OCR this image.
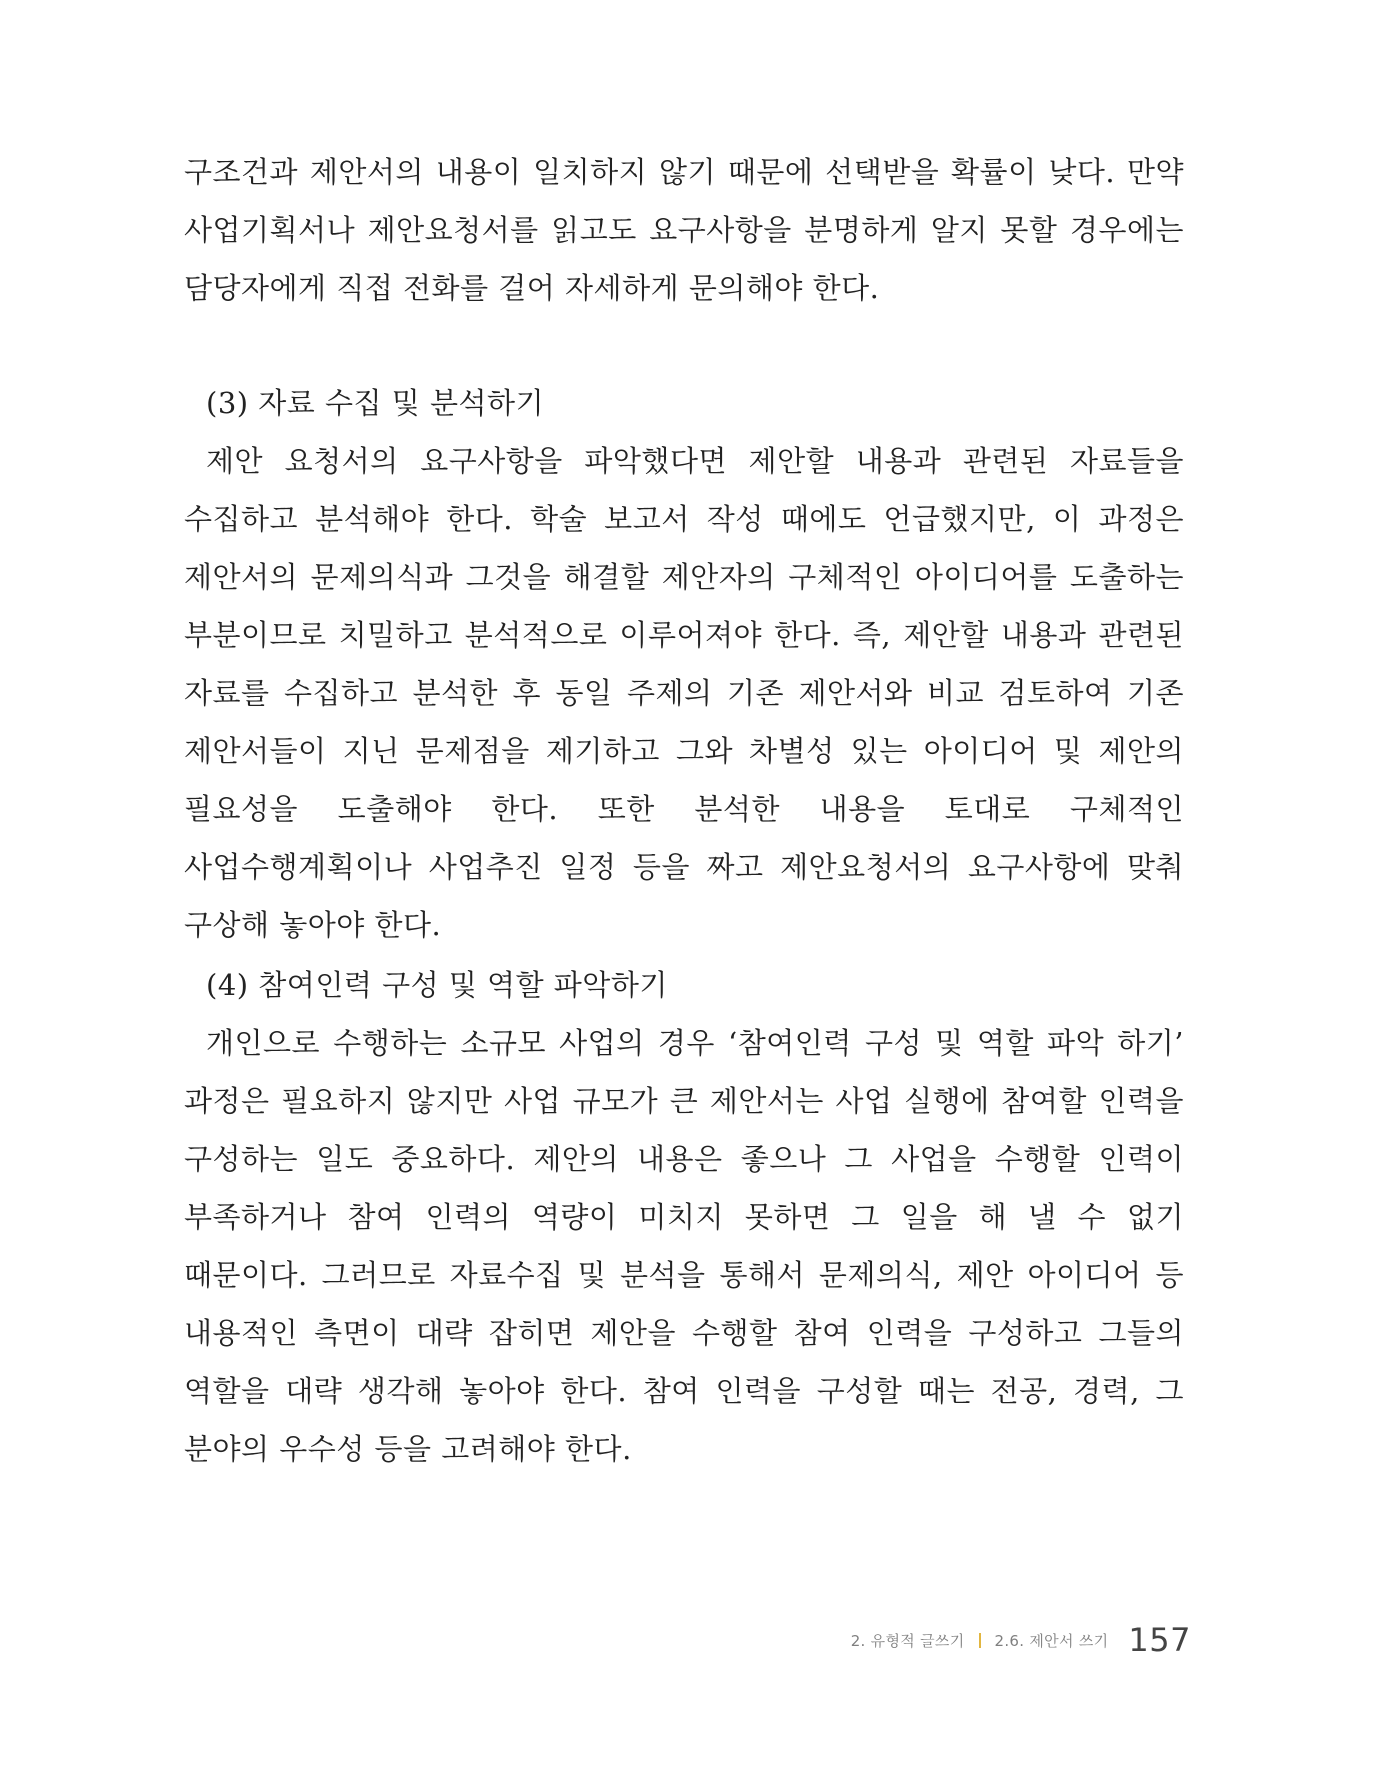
구조건과 제안서의 내용이 일치하지 않기 때문에 선택받을 확률이 낮다. 만약 사업기획서나 제안요청서를 읽고도 요구사항을 분명하게 알지 못할 경우에는 담당자에게 직접 전화를 걸어 자세하게 문의해야 한다.

(3) 자료 수집 및 분석하기

제안 요청서의 요구사항을 파악했다면 제안할 내용과 관련된 자료들을 수집하고 분석해야 한다. 학술 보고서 작성 때에도 언급했지만, 이 과정은 제안서의 문제의식과 그것을 해결할 제안자의 구체적인 아이디어를 도출하는 부분이므로 치밀하고 분석적으로 이루어져야 한다. 즉, 제안할 내용과 관련된 자료를 수집하고 분석한 후 동일 주제의 기존 제안서와 비교 검토하여 기존 제안서들이 지닌 문제점을 제기하고 그와 차별성 있는 아이디어 및 제안의 필요성을 도출해야 한다. 또한 분석한 내용을 토대로 구체적인 사업수행계획이나 사업추진 일정 등을 짜고 제안요청서의 요구사항에 맞춰 구상해 놓아야 한다.

(4) 참여인력 구성 및 역할 파악하기

개인으로 수행하는 소규모 사업의 경우 ‘참여인력 구성 및 역할 파악 하기’ 과정은 필요하지 않지만 사업 규모가 큰 제안서는 사업 실행에 참여할 인력을 구성하는 일도 중요하다. 제안의 내용은 좋으나 그 사업을 수행할 인력이 부족하거나 참여 인력의 역량이 미치지 못하면 그 일을 해 낼 수 없기 때문이다. 그러므로 자료수집 및 분석을 통해서 문제의식, 제안 아이디어 등 내용적인 측면이 대략 잡히면 제안을 수행할 참여 인력을 구성하고 그들의 역할을 대략 생각해 놓아야 한다. 참여 인력을 구성할 때는 전공, 경력, 그 분야의 우수성 등을 고려해야 한다.

2. 유형적 글쓰기 2.6. 제안서 쓰기 157
